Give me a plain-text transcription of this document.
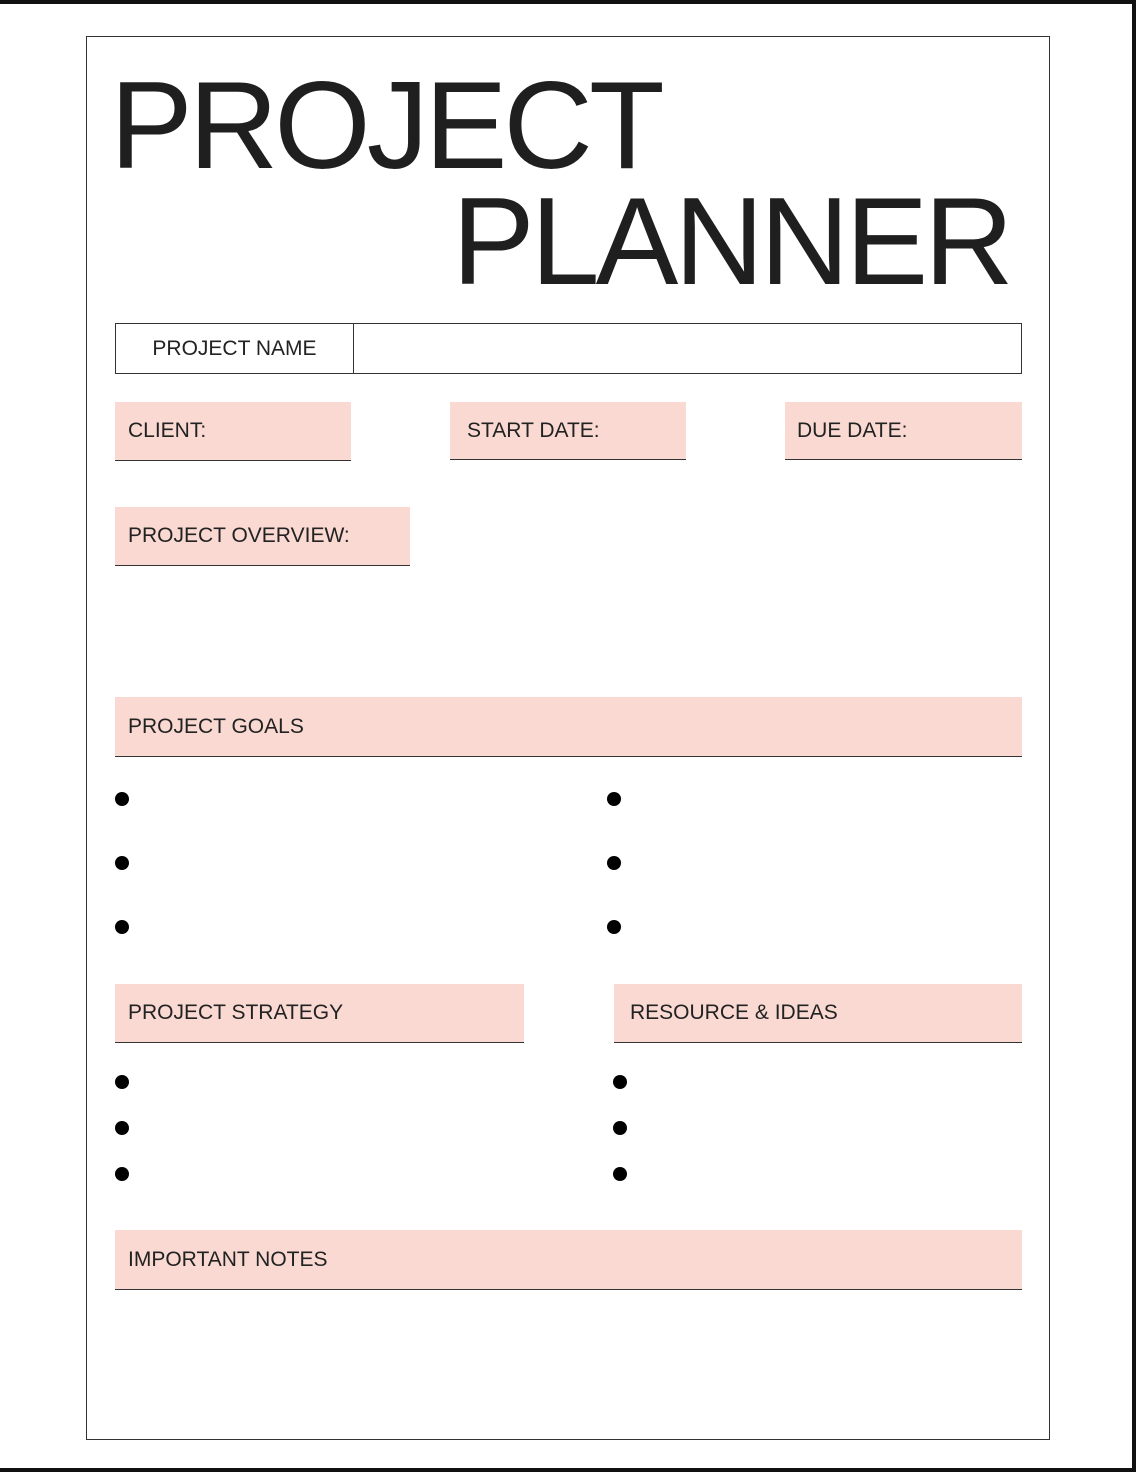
PROJECT
PLANNER
PROJECT NAME
CLIENT:	START DATE:	DUE DATE:
PROJECT OVERVIEW:
PROJECT GOALS
PROJECT STRATEGY	RESOURCE & IDEAS
IMPORTANT NOTES
